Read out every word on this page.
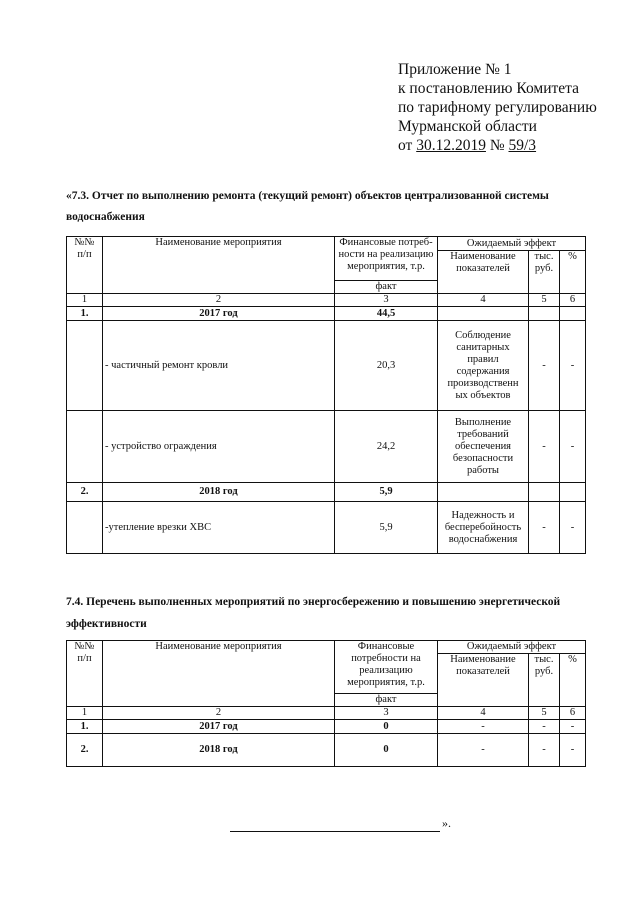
Приложение № 1
к постановлению Комитета
по тарифному регулированию
Мурманской области
от 30.12.2019 № 59/3
«7.3. Отчет по выполнению ремонта (текущий ремонт) объектов централизованной системы
водоснабжения
№№ п/п	Наименование мероприятия	Финансовые потреб- ности на реализацию мероприятия, т.р.	Ожидаемый эффект		
			Наименование показателей	тыс. руб.	%
		факт			
1	2	3	4	5	6
1.	2017 год	44,5			
	- частичный ремонт кровли	20,3	Соблюдение санитарных правил содержания производственн ых объектов	-	-
	- устройство ограждения	24,2	Выполнение требований обеспечения безопасности работы	-	-
2.	2018 год	5,9			
	-утепление врезки ХВС	5,9	Надежность и бесперебойность водоснабжения	-	-
7.4. Перечень выполненных мероприятий по энергосбережению и повышению энергетической
эффективности
№№ п/п	Наименование мероприятия	Финансовые потребности на реализацию мероприятия, т.р.	Ожидаемый эффект		
			Наименование показателей	тыс. руб.	%
		факт			
1	2	3	4	5	6
1.	2017 год	0	-	-	-
2.	2018 год	0	-	-	-
».
